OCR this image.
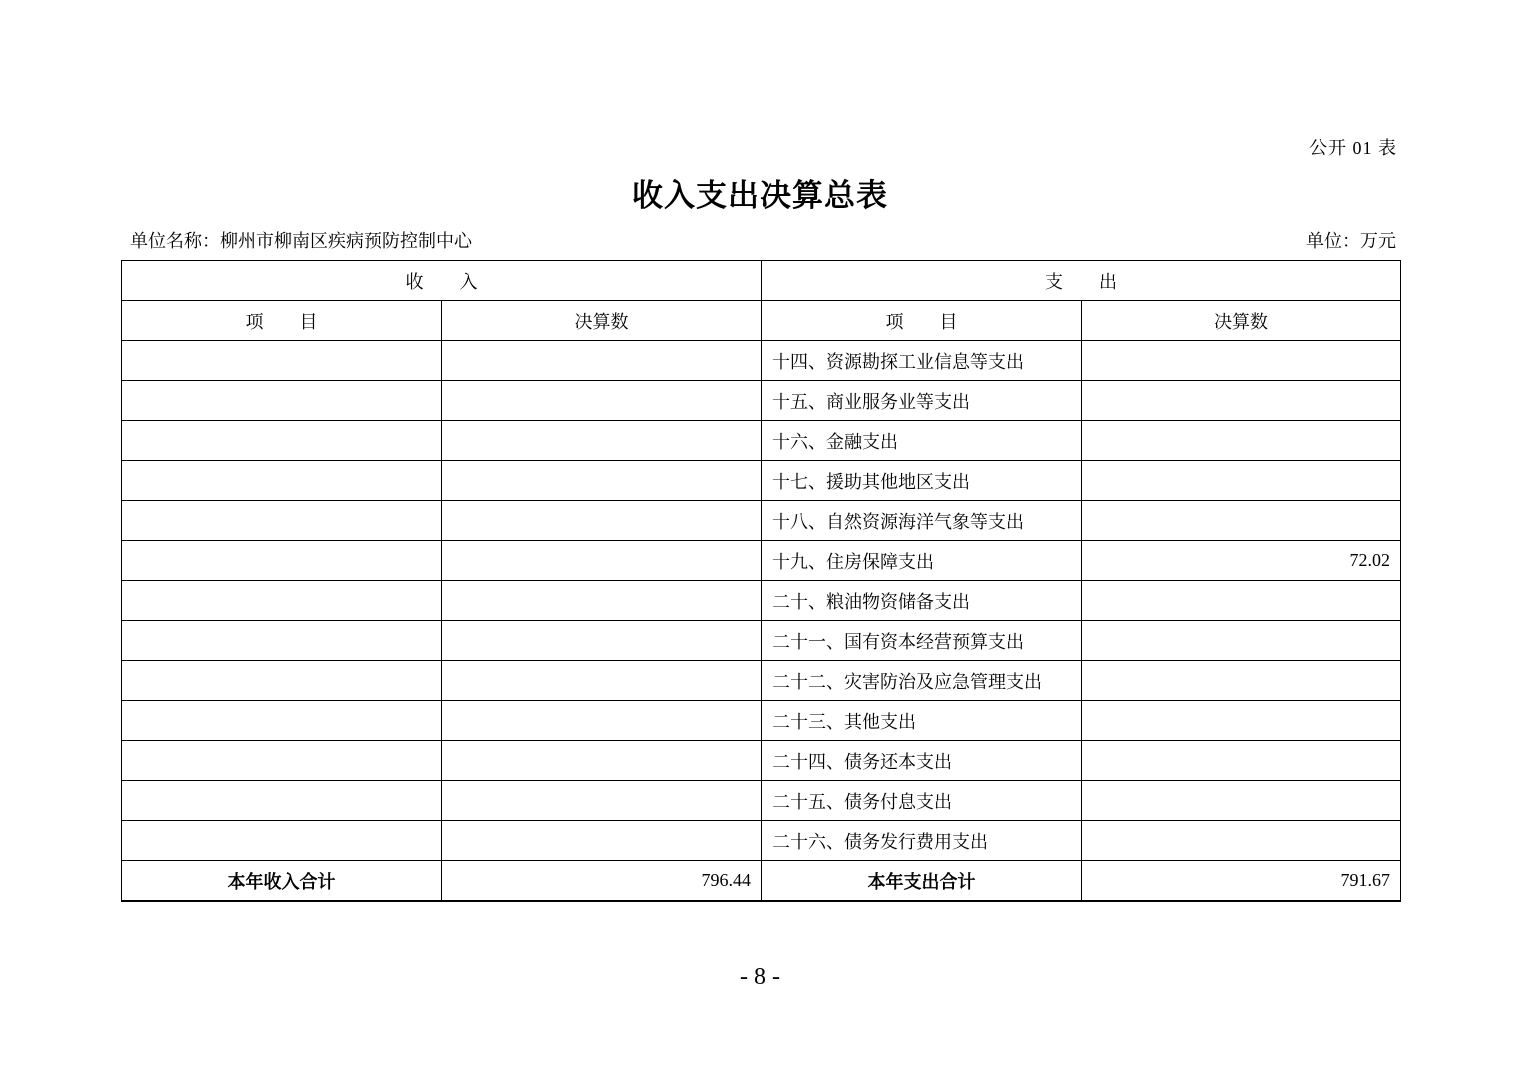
公开 01 表
收入支出决算总表
单位名称：柳州市柳南区疾病预防控制中心	单位：万元
收　　入		支　　出	
项　　目	决算数	项　　目	决算数
		十四、资源勘探工业信息等支出	
		十五、商业服务业等支出	
		十六、金融支出	
		十七、援助其他地区支出	
		十八、自然资源海洋气象等支出	
		十九、住房保障支出	72.02
		二十、粮油物资储备支出	
		二十一、国有资本经营预算支出	
		二十二、灾害防治及应急管理支出	
		二十三、其他支出	
		二十四、债务还本支出	
		二十五、债务付息支出	
		二十六、债务发行费用支出	
本年收入合计	796.44	本年支出合计	791.67
- 8 -
